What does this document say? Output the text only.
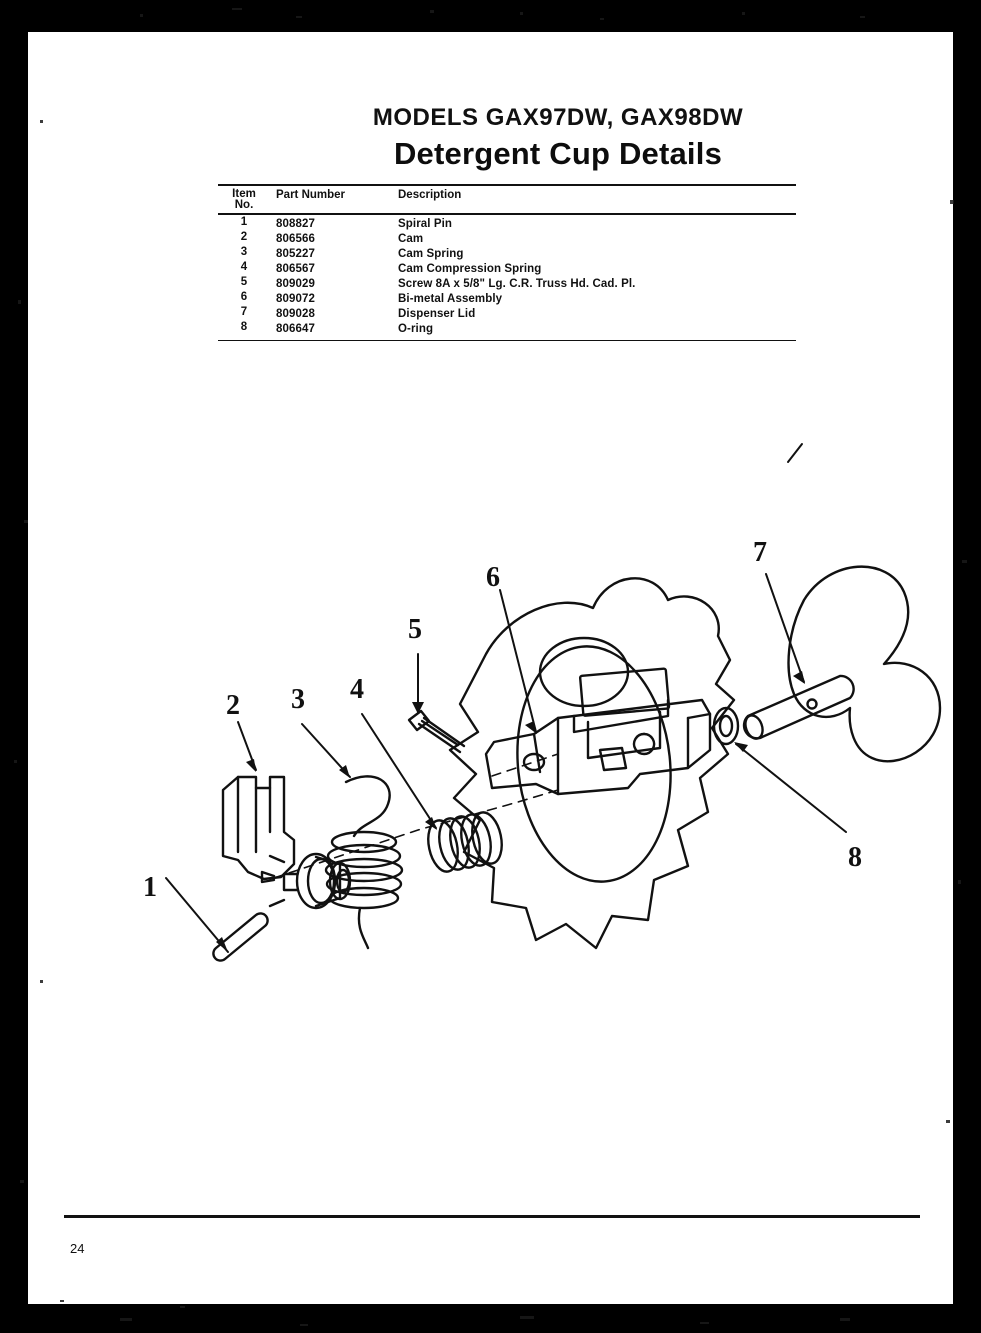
MODELS GAX97DW, GAX98DW
Detergent Cup Details
Item
No.
Part Number	Description
1	808827	Spiral Pin
2	806566	Cam
3	805227	Cam Spring
4	806567	Cam Compression Spring
5	809029	Screw 8A x 5/8" Lg. C.R. Truss Hd. Cad. Pl.
6	809072	Bi-metal Assembly
7	809028	Dispenser Lid
8	806647	O-ring
1
2 3 4
5
6
7
8
24
